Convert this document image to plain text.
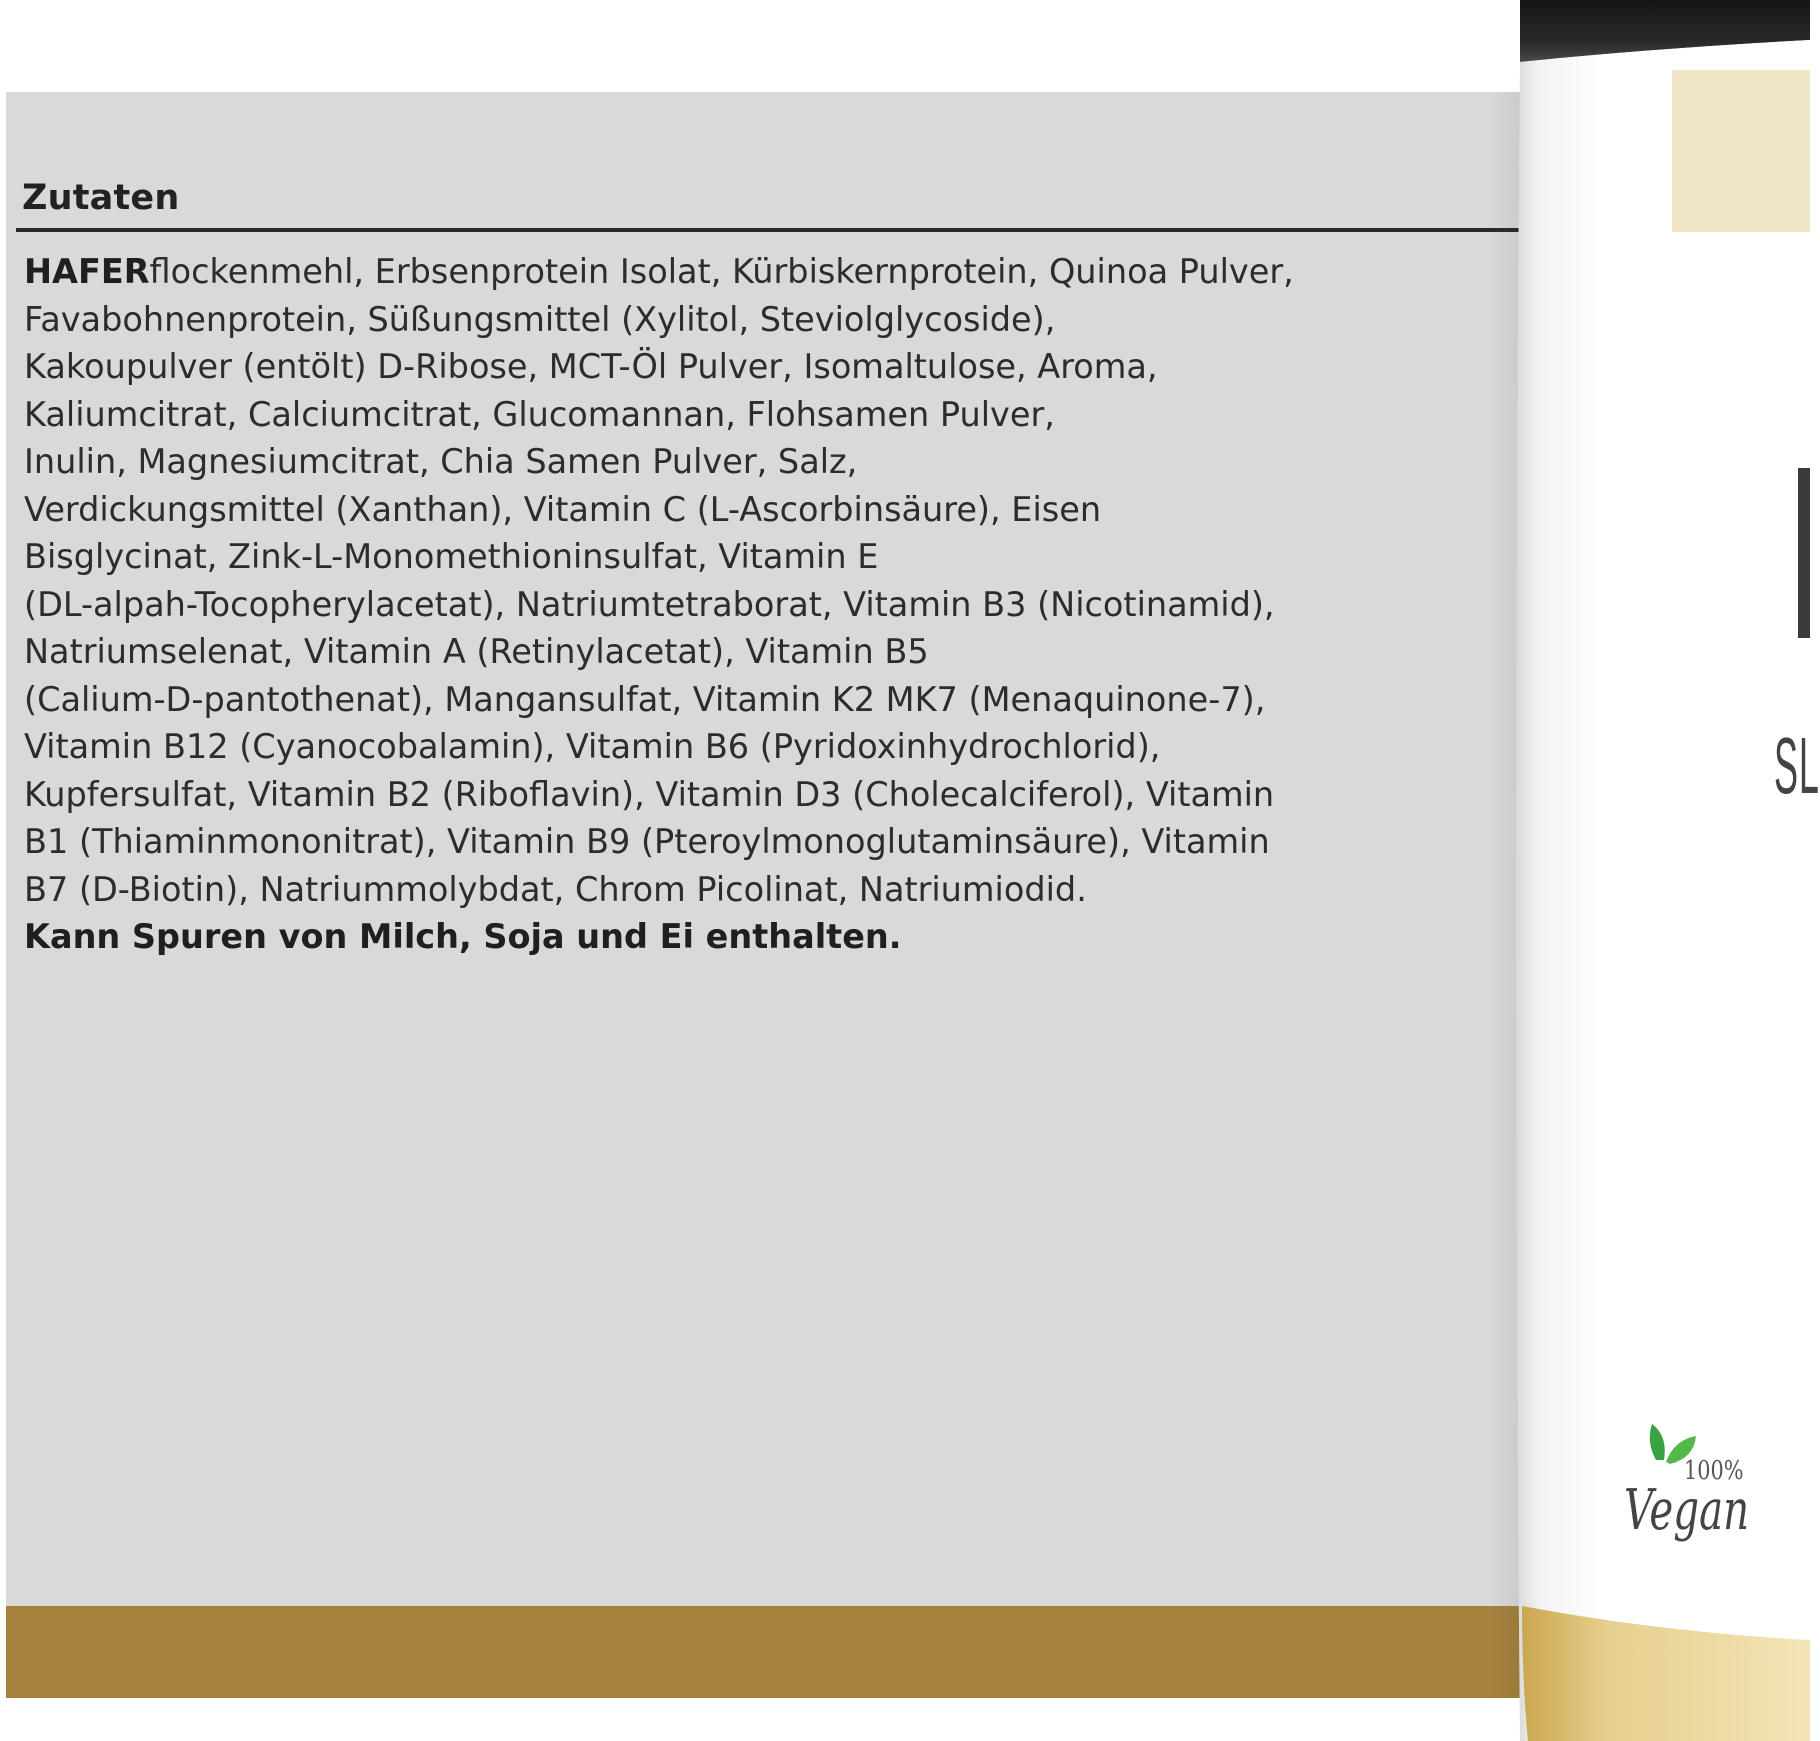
Zutaten

HAFERflockenmehl, Erbsenprotein Isolat, Kürbiskernprotein, Quinoa Pulver,
Favabohnenprotein, Süßungsmittel (Xylitol, Steviolglycoside),
Kakoupulver (entölt) D-Ribose, MCT-Öl Pulver, Isomaltulose, Aroma,
Kaliumcitrat, Calciumcitrat, Glucomannan, Flohsamen Pulver,
Inulin, Magnesiumcitrat, Chia Samen Pulver, Salz,
Verdickungsmittel (Xanthan), Vitamin C (L-Ascorbinsäure), Eisen
Bisglycinat, Zink-L-Monomethioninsulfat, Vitamin E
(DL-alpah-Tocopherylacetat), Natriumtetraborat, Vitamin B3 (Nicotinamid),
Natriumselenat, Vitamin A (Retinylacetat), Vitamin B5
(Calium-D-pantothenat), Mangansulfat, Vitamin K2 MK7 (Menaquinone-7),
Vitamin B12 (Cyanocobalamin), Vitamin B6 (Pyridoxinhydrochlorid),
Kupfersulfat, Vitamin B2 (Riboflavin), Vitamin D3 (Cholecalciferol), Vitamin
B1 (Thiaminmononitrat), Vitamin B9 (Pteroylmonoglutaminsäure), Vitamin
B7 (D-Biotin), Natriummolybdat, Chrom Picolinat, Natriumiodid.
Kann Spuren von Milch, Soja und Ei enthalten.

SL
100%
Vegan
